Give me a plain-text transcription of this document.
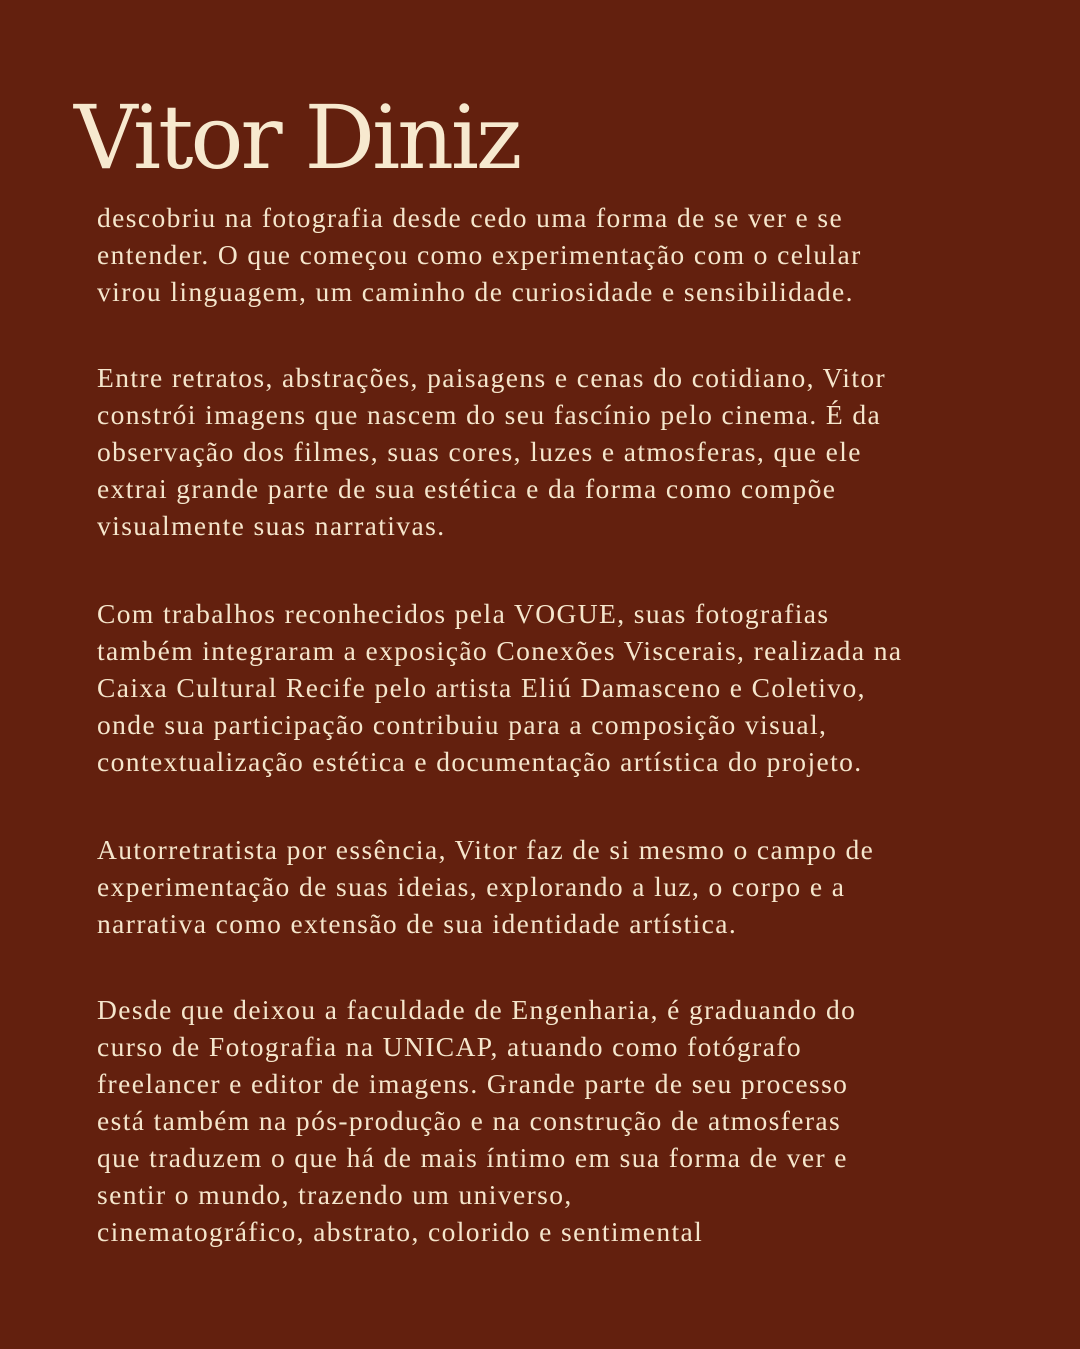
Vitor Diniz

descobriu na fotografia desde cedo uma forma de se ver e se
entender. O que começou como experimentação com o celular
virou linguagem, um caminho de curiosidade e sensibilidade.

Entre retratos, abstrações, paisagens e cenas do cotidiano, Vitor
constrói imagens que nascem do seu fascínio pelo cinema. É da
observação dos filmes, suas cores, luzes e atmosferas, que ele
extrai grande parte de sua estética e da forma como compõe
visualmente suas narrativas.

Com trabalhos reconhecidos pela VOGUE, suas fotografias
também integraram a exposição Conexões Viscerais, realizada na
Caixa Cultural Recife pelo artista Eliú Damasceno e Coletivo,
onde sua participação contribuiu para a composição visual,
contextualização estética e documentação artística do projeto.

Autorretratista por essência, Vitor faz de si mesmo o campo de
experimentação de suas ideias, explorando a luz, o corpo e a
narrativa como extensão de sua identidade artística.

Desde que deixou a faculdade de Engenharia, é graduando do
curso de Fotografia na UNICAP, atuando como fotógrafo
freelancer e editor de imagens. Grande parte de seu processo
está também na pós-produção e na construção de atmosferas
que traduzem o que há de mais íntimo em sua forma de ver e
sentir o mundo, trazendo um universo,
cinematográfico, abstrato, colorido e sentimental
